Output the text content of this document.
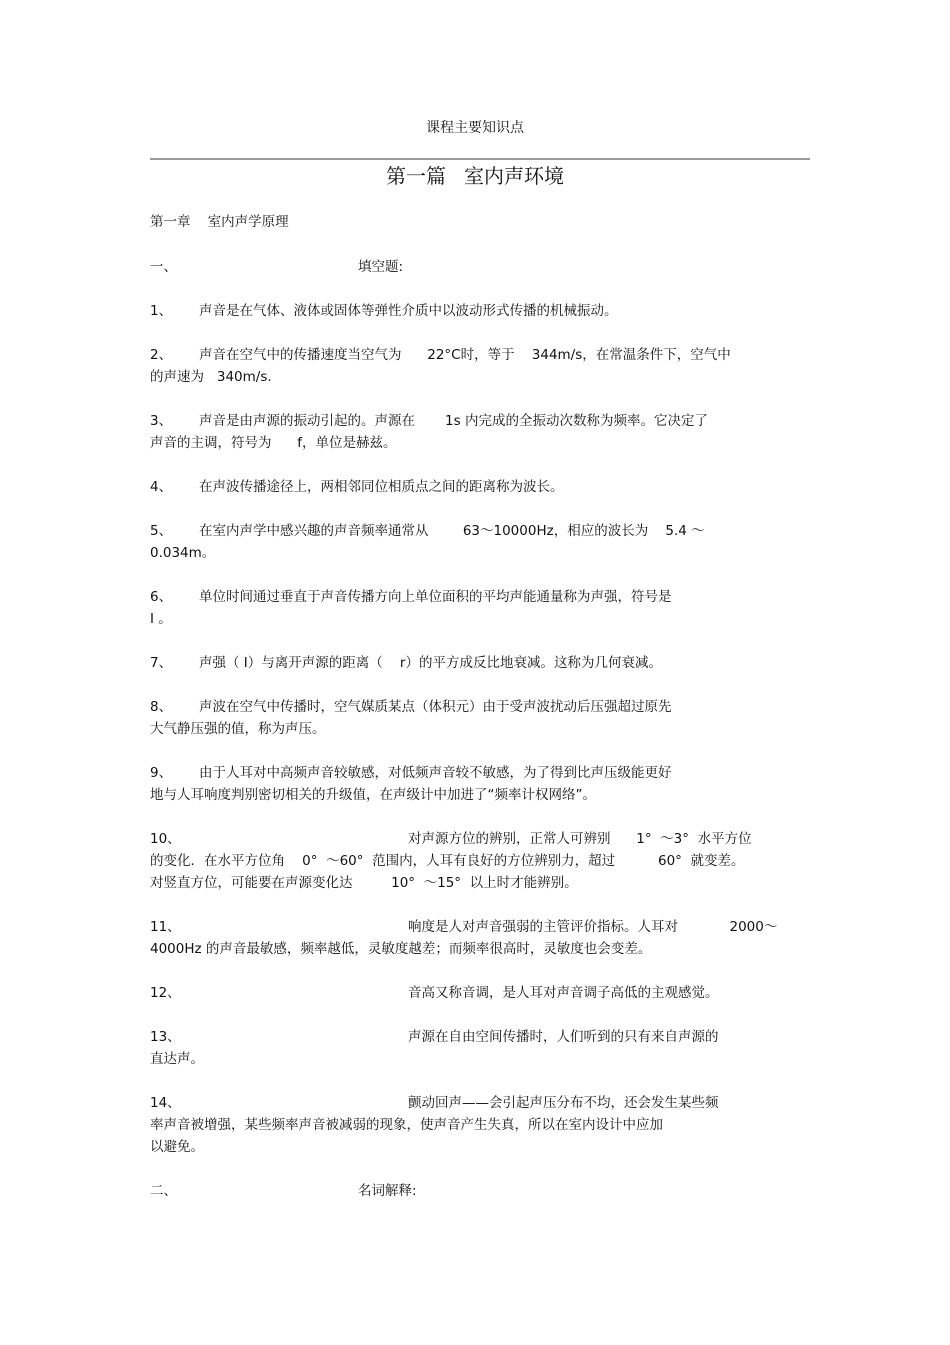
课程主要知识点
第一篇 室内声环境
第一章 室内声学原理
一、	填空题:
1、 声音是在气体、液体或固体等弹性介质中以波动形式传播的机械振动。
2、 声音在空气中的传播速度当空气为      22°C时，等于    344m/s，在常温条件下，空气中
的声速为   340m/s.
3、 声音是由声源的振动引起的。声源在       1s 内完成的全振动次数称为频率。它决定了
声音的主调，符号为      f，单位是赫兹。
4、 在声波传播途径上，两相邻同位相质点之间的距离称为波长。
5、 在室内声学中感兴趣的声音频率通常从        63～10000Hz，相应的波长为    5.4 ～
0.034m。
6、 单位时间通过垂直于声音传播方向上单位面积的平均声能通量称为声强，符号是
I 。
7、 声强（ I）与离开声源的距离（    r）的平方成反比地衰减。这称为几何衰减。
8、 声波在空气中传播时，空气媒质某点（体积元）由于受声波扰动后压强超过原先
大气静压强的值，称为声压。
9、 由于人耳对中高频声音较敏感，对低频声音较不敏感，为了得到比声压级能更好
地与人耳响度判别密切相关的升级值，在声级计中加进了“频率计权网络”。
10、	对声源方位的辨别，正常人可辨别      1°  ～3°  水平方位
的变化．在水平方位角    0°  ～60°  范围内，人耳有良好的方位辨别力，超过          60°  就变差。
对竖直方位，可能要在声源变化达         10°  ～15°  以上时才能辨别。
11、	响度是人对声音强弱的主管评价指标。人耳对            2000～
4000Hz 的声音最敏感，频率越低，灵敏度越差；而频率很高时，灵敏度也会变差。
12、	音高又称音调，是人耳对声音调子高低的主观感觉。
13、	声源在自由空间传播时，人们听到的只有来自声源的
直达声。
14、	颤动回声——会引起声压分布不均，还会发生某些频
率声音被增强，某些频率声音被减弱的现象，使声音产生失真，所以在室内设计中应加
以避免。
二、	名词解释:
